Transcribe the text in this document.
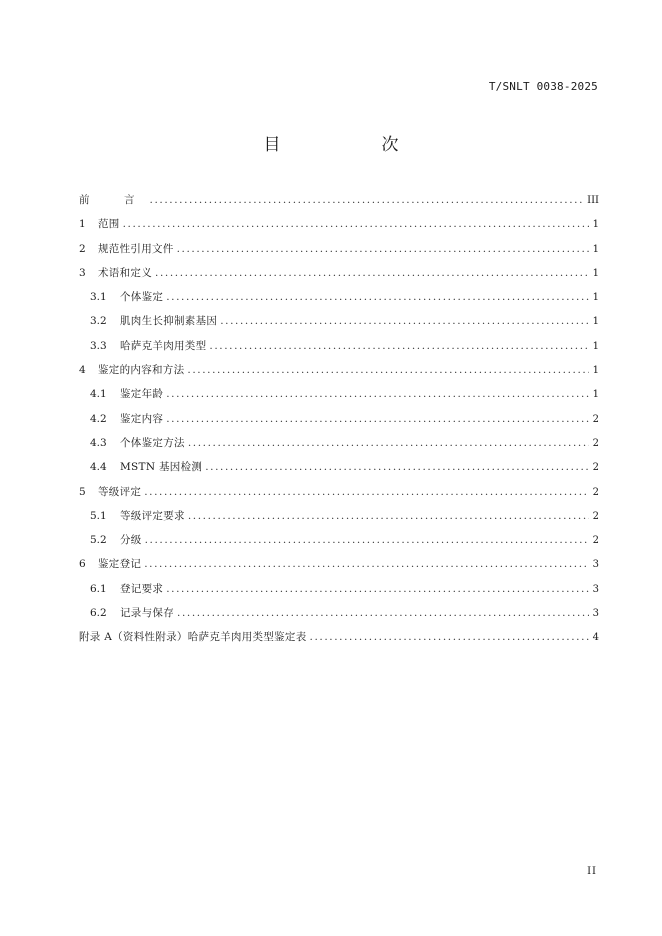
T/SNLT 0038-2025
目　次
前　言 .....	III
1	范围 .....	1
2	规范性引用文件 .....	1
3	术语和定义 .....	1
3.1	个体鉴定 .....	1
3.2	肌肉生长抑制素基因 .....	1
3.3	哈萨克羊肉用类型 .....	1
4	鉴定的内容和方法 .....	1
4.1	鉴定年龄 .....	1
4.2	鉴定内容 .....	2
4.3	个体鉴定方法 .....	2
4.4	MSTN 基因检测 .....	2
5	等级评定 .....	2
5.1	等级评定要求 .....	2
5.2	分级 .....	2
6	鉴定登记 .....	3
6.1	登记要求 .....	3
6.2	记录与保存 .....	3
附录 A（资料性附录）哈萨克羊肉用类型鉴定表 .....	4
II
